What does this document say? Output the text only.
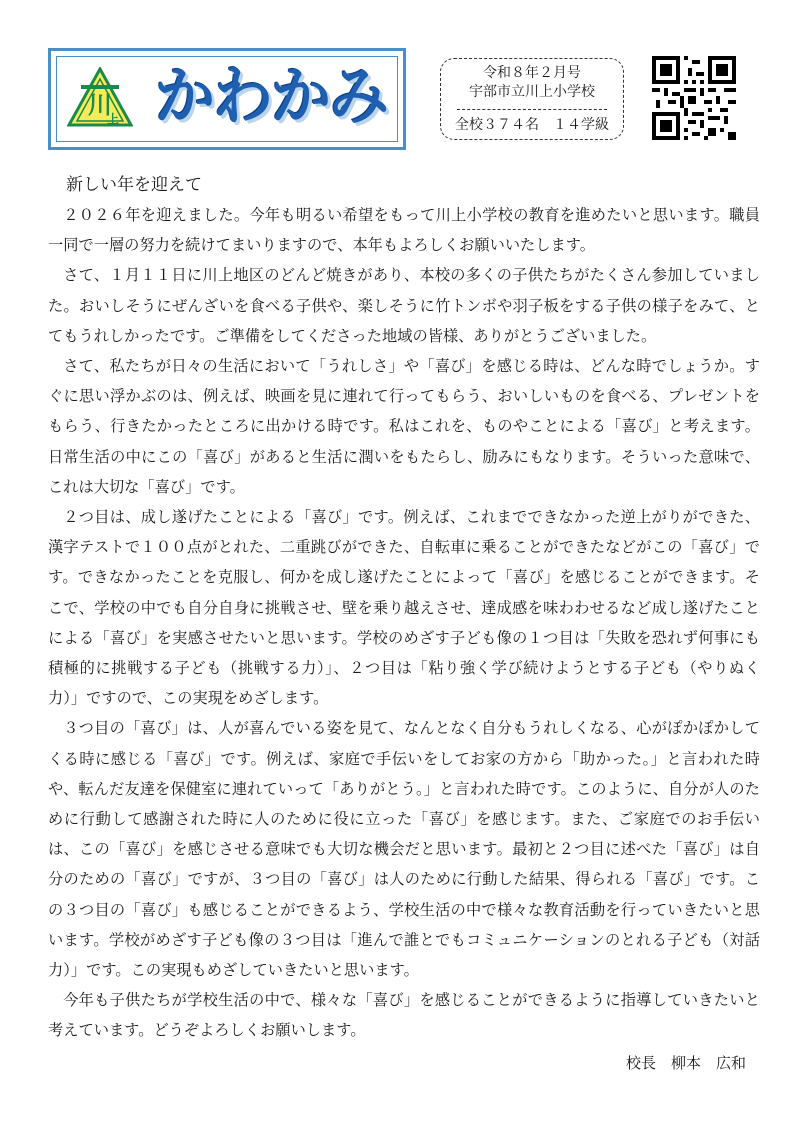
川
上 かわかみ	令和８年２月号
宇部市立川上小学校
全校３７４名　１４学級
新しい年を迎えて

２０２６年を迎えました。今年も明るい希望をもって川上小学校の教育を進めたいと思います。職員一同で一層の努力を続けてまいりますので、本年もよろしくお願いいたします。

さて、１月１１日に川上地区のどんど焼きがあり、本校の多くの子供たちがたくさん参加していました。おいしそうにぜんざいを食べる子供や、楽しそうに竹トンボや羽子板をする子供の様子をみて、とてもうれしかったです。ご準備をしてくださった地域の皆様、ありがとうございました。

さて、私たちが日々の生活において「うれしさ」や「喜び」を感じる時は、どんな時でしょうか。すぐに思い浮かぶのは、例えば、映画を見に連れて行ってもらう、おいしいものを食べる、プレゼントをもらう、行きたかったところに出かける時です。私はこれを、ものやことによる「喜び」と考えます。日常生活の中にこの「喜び」があると生活に潤いをもたらし、励みにもなります。そういった意味で、これは大切な「喜び」です。

２つ目は、成し遂げたことによる「喜び」です。例えば、これまでできなかった逆上がりができた、漢字テストで１００点がとれた、二重跳びができた、自転車に乗ることができたなどがこの「喜び」です。できなかったことを克服し、何かを成し遂げたことによって「喜び」を感じることができます。そこで、学校の中でも自分自身に挑戦させ、壁を乗り越えさせ、達成感を味わわせるなど成し遂げたことによる「喜び」を実感させたいと思います。学校のめざす子ども像の１つ目は「失敗を恐れず何事にも積極的に挑戦する子ども（挑戦する力）」、２つ目は「粘り強く学び続けようとする子ども（やりぬく力）」ですので、この実現をめざします。

３つ目の「喜び」は、人が喜んでいる姿を見て、なんとなく自分もうれしくなる、心がぽかぽかしてくる時に感じる「喜び」です。例えば、家庭で手伝いをしてお家の方から「助かった。」と言われた時や、転んだ友達を保健室に連れていって「ありがとう。」と言われた時です。このように、自分が人のために行動して感謝された時に人のために役に立った「喜び」を感じます。また、ご家庭でのお手伝いは、この「喜び」を感じさせる意味でも大切な機会だと思います。最初と２つ目に述べた「喜び」は自分のための「喜び」ですが、３つ目の「喜び」は人のために行動した結果、得られる「喜び」です。この３つ目の「喜び」も感じることができるよう、学校生活の中で様々な教育活動を行っていきたいと思います。学校がめざす子ども像の３つ目は「進んで誰とでもコミュニケーションのとれる子ども（対話力）」です。この実現もめざしていきたいと思います。

今年も子供たちが学校生活の中で、様々な「喜び」を感じることができるように指導していきたいと考えています。どうぞよろしくお願いします。

校長　柳本　広和
